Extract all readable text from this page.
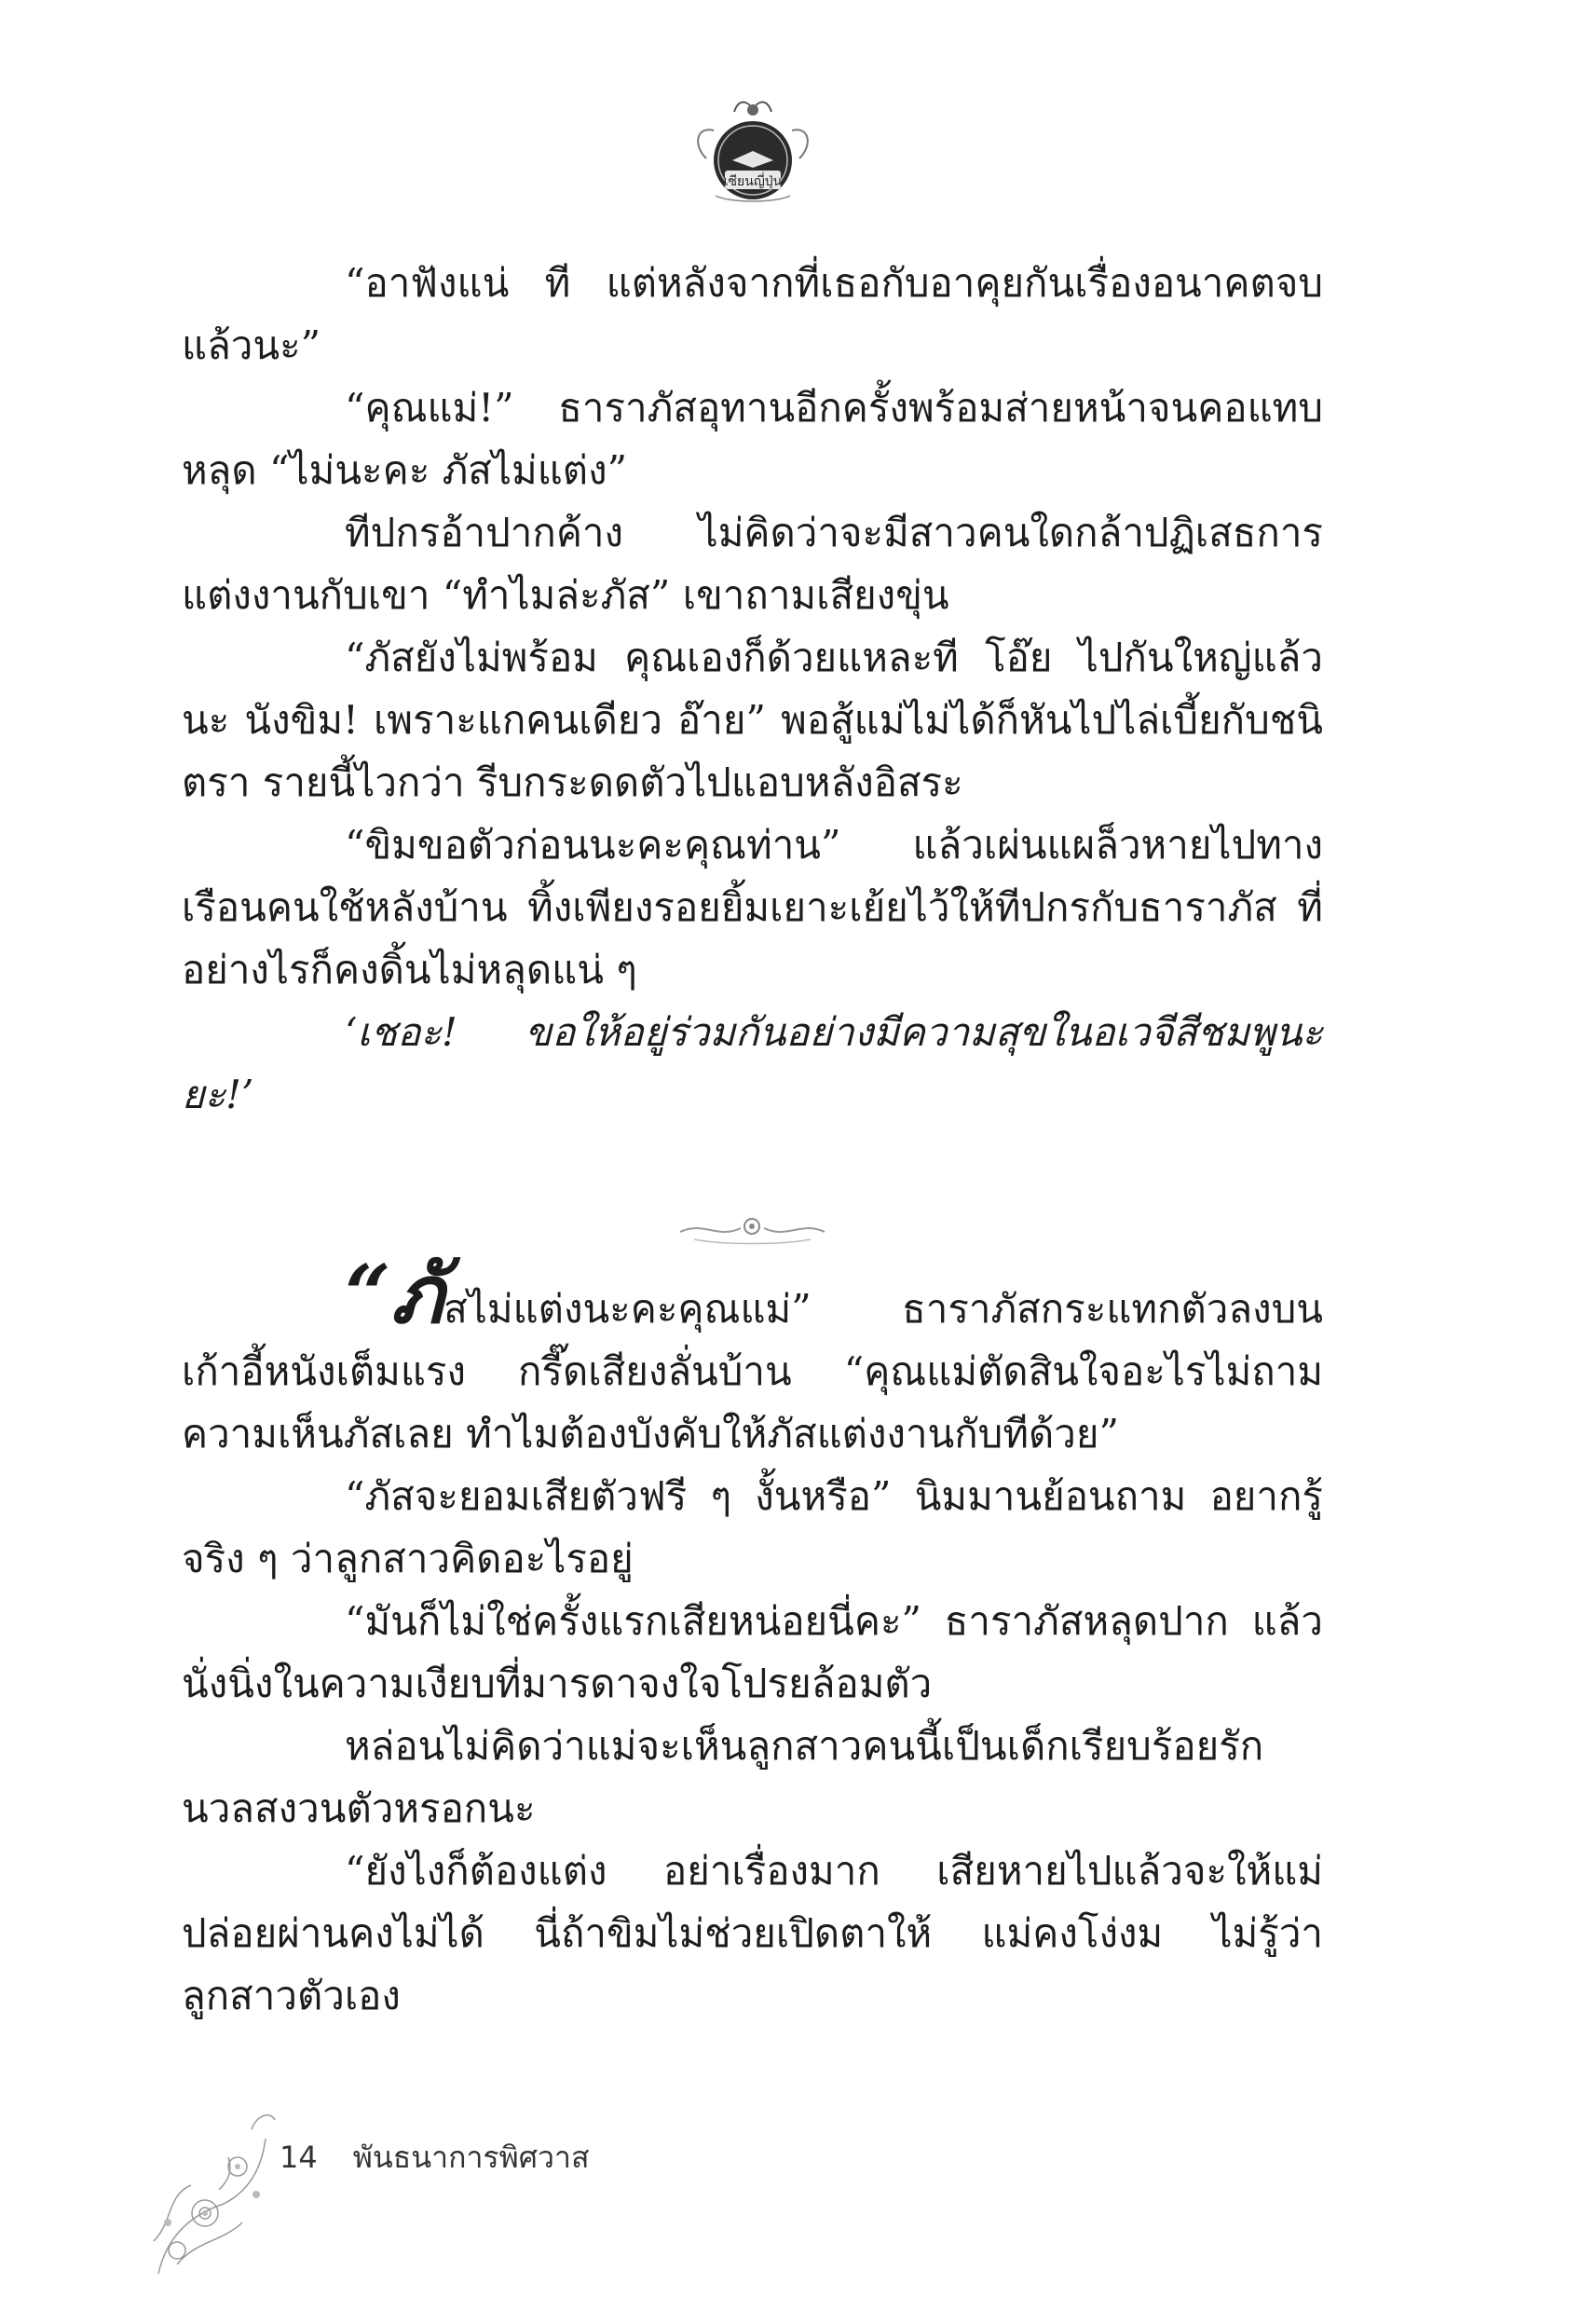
เซียนญี่ปุ่น

“อาฟังแน่ ที แต่หลังจากที่เธอกับอาคุยกันเรื่องอนาคตจบแล้วนะ”

“คุณแม่!” ธาราภัสอุทานอีกครั้งพร้อมส่ายหน้าจนคอแทบหลุด “ไม่นะคะ ภัสไม่แต่ง”

ทีปกรอ้าปากค้าง ไม่คิดว่าจะมีสาวคนใดกล้าปฏิเสธการแต่งงานกับเขา “ทำไมล่ะภัส” เขาถามเสียงขุ่น

“ภัสยังไม่พร้อม คุณเองก็ด้วยแหละที โอ๊ย ไปกันใหญ่แล้วนะ นังขิม! เพราะแกคนเดียว อ๊าย” พอสู้แม่ไม่ได้ก็หันไปไล่เบี้ยกับชนิตรา รายนี้ไวกว่า รีบกระดดตัวไปแอบหลังอิสระ

“ขิมขอตัวก่อนนะคะคุณท่าน” แล้วเผ่นแผล็วหายไปทางเรือนคนใช้หลังบ้าน ทิ้งเพียงรอยยิ้มเยาะเย้ยไว้ให้ทีปกรกับธาราภัส ที่อย่างไรก็คงดิ้นไม่หลุดแน่ ๆ

‘เชอะ! ขอให้อยู่ร่วมกันอย่างมีความสุขในอเวจีสีชมพูนะยะ!’

“ภัสไม่แต่งนะคะคุณแม่” ธาราภัสกระแทกตัวลงบนเก้าอี้หนังเต็มแรง กรี๊ดเสียงลั่นบ้าน “คุณแม่ตัดสินใจอะไรไม่ถามความเห็นภัสเลย ทำไมต้องบังคับให้ภัสแต่งงานกับทีด้วย”

“ภัสจะยอมเสียตัวฟรี ๆ งั้นหรือ” นิมมานย้อนถาม อยากรู้จริง ๆ ว่าลูกสาวคิดอะไรอยู่

“มันก็ไม่ใช่ครั้งแรกเสียหน่อยนี่คะ” ธาราภัสหลุดปาก แล้วนั่งนิ่งในความเงียบที่มารดาจงใจโปรยล้อมตัว

หล่อนไม่คิดว่าแม่จะเห็นลูกสาวคนนี้เป็นเด็กเรียบร้อยรักนวลสงวนตัวหรอกนะ

“ยังไงก็ต้องแต่ง อย่าเรื่องมาก เสียหายไปแล้วจะให้แม่ปล่อยผ่านคงไม่ได้ นี่ถ้าขิมไม่ช่วยเปิดตาให้ แม่คงโง่งม ไม่รู้ว่าลูกสาวตัวเอง

14 พันธนาการพิศวาส
